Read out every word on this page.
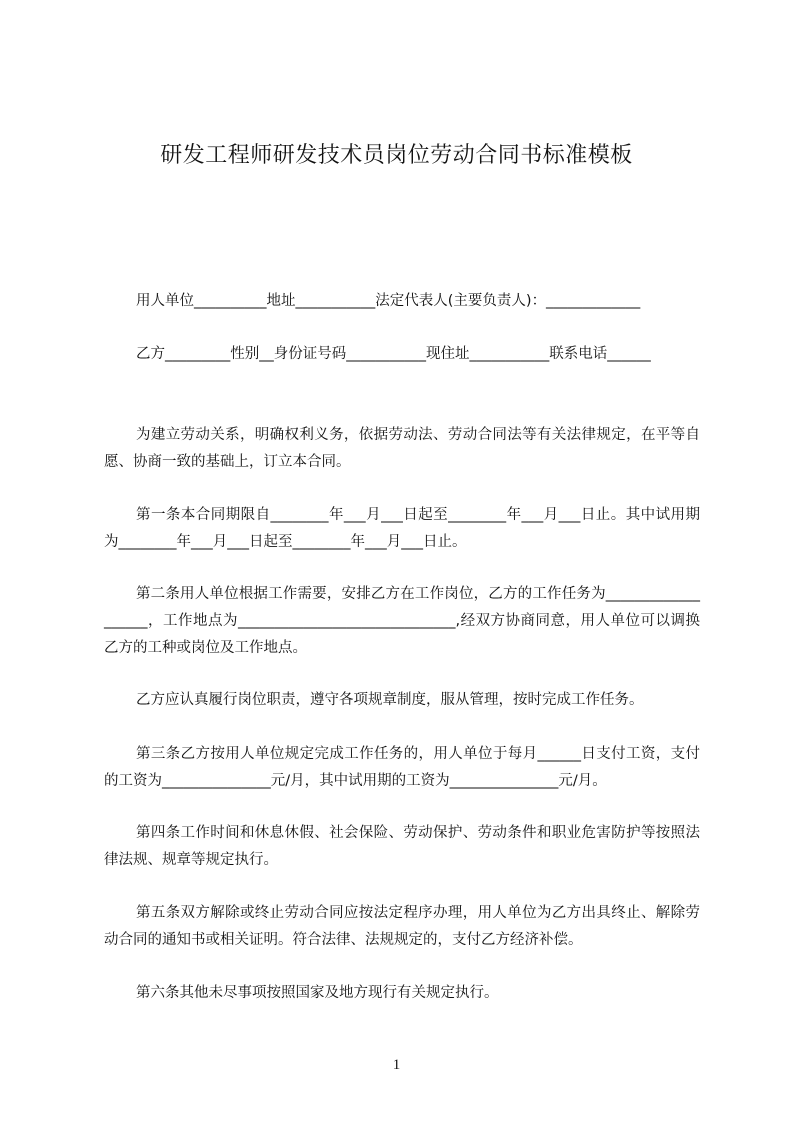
研发工程师研发技术员岗位劳动合同书标准模板
用人单位__________地址___________法定代表人(主要负责人)：_____________
乙方_________性别__身份证号码___________现住址___________联系电话______
为建立劳动关系，明确权利义务，依据劳动法、劳动合同法等有关法律规定，在平等自愿、协商一致的基础上，订立本合同。
第一条本合同期限自________年___月___日起至________年___月___日止。其中试用期为________年___月___日起至________年___月___日止。
第二条用人单位根据工作需要，安排乙方在工作岗位，乙方的工作任务为___________________，工作地点为______________________________,经双方协商同意，用人单位可以调换乙方的工种或岗位及工作地点。
乙方应认真履行岗位职责，遵守各项规章制度，服从管理，按时完成工作任务。
第三条乙方按用人单位规定完成工作任务的，用人单位于每月______日支付工资，支付的工资为_______________元/月，其中试用期的工资为_______________元/月。
第四条工作时间和休息休假、社会保险、劳动保护、劳动条件和职业危害防护等按照法律法规、规章等规定执行。
第五条双方解除或终止劳动合同应按法定程序办理，用人单位为乙方出具终止、解除劳动合同的通知书或相关证明。符合法律、法规规定的，支付乙方经济补偿。
第六条其他未尽事项按照国家及地方现行有关规定执行。
1
